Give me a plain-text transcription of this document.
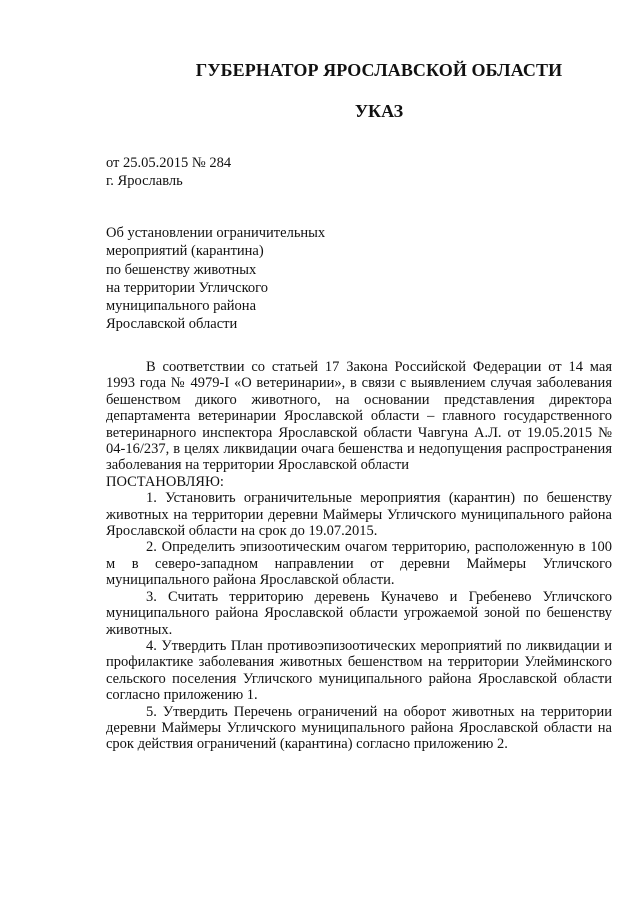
ГУБЕРНАТОР ЯРОСЛАВСКОЙ ОБЛАСТИ
УКАЗ
от 25.05.2015 № 284
г. Ярославль
Об установлении ограничительных
мероприятий (карантина)
по бешенству животных
на территории Угличского
муниципального района
Ярославской области

В соответствии со статьей 17 Закона Российской Федерации от 14 мая 1993 года № 4979-I «О ветеринарии», в связи с выявлением случая заболевания бешенством дикого животного, на основании представления директора департамента ветеринарии Ярославской области – главного государственного ветеринарного инспектора Ярославской области Чавгуна А.Л. от 19.05.2015 № 04-16/237, в целях ликвидации очага бешенства и недопущения распространения заболевания на территории Ярославской области

ПОСТАНОВЛЯЮ:

1. Установить ограничительные мероприятия (карантин) по бешенству животных на территории деревни Маймеры Угличского муниципального района Ярославской области на срок до 19.07.2015.

2. Определить эпизоотическим очагом территорию, расположенную в 100 м в северо-западном направлении от деревни Маймеры Угличского муниципального района Ярославской области.

3. Считать территорию деревень Кунaчево и Гребенево Угличского муниципального района Ярославской области угрожаемой зоной по бешенству животных.

4. Утвердить План противоэпизоотических мероприятий по ликвидации и профилактике заболевания животных бешенством на территории Улейминского сельского поселения Угличского муниципального района Ярославской области согласно приложению 1.

5. Утвердить Перечень ограничений на оборот животных на территории деревни Маймеры Угличского муниципального района Ярославской области на срок действия ограничений (карантина) согласно приложению 2.
